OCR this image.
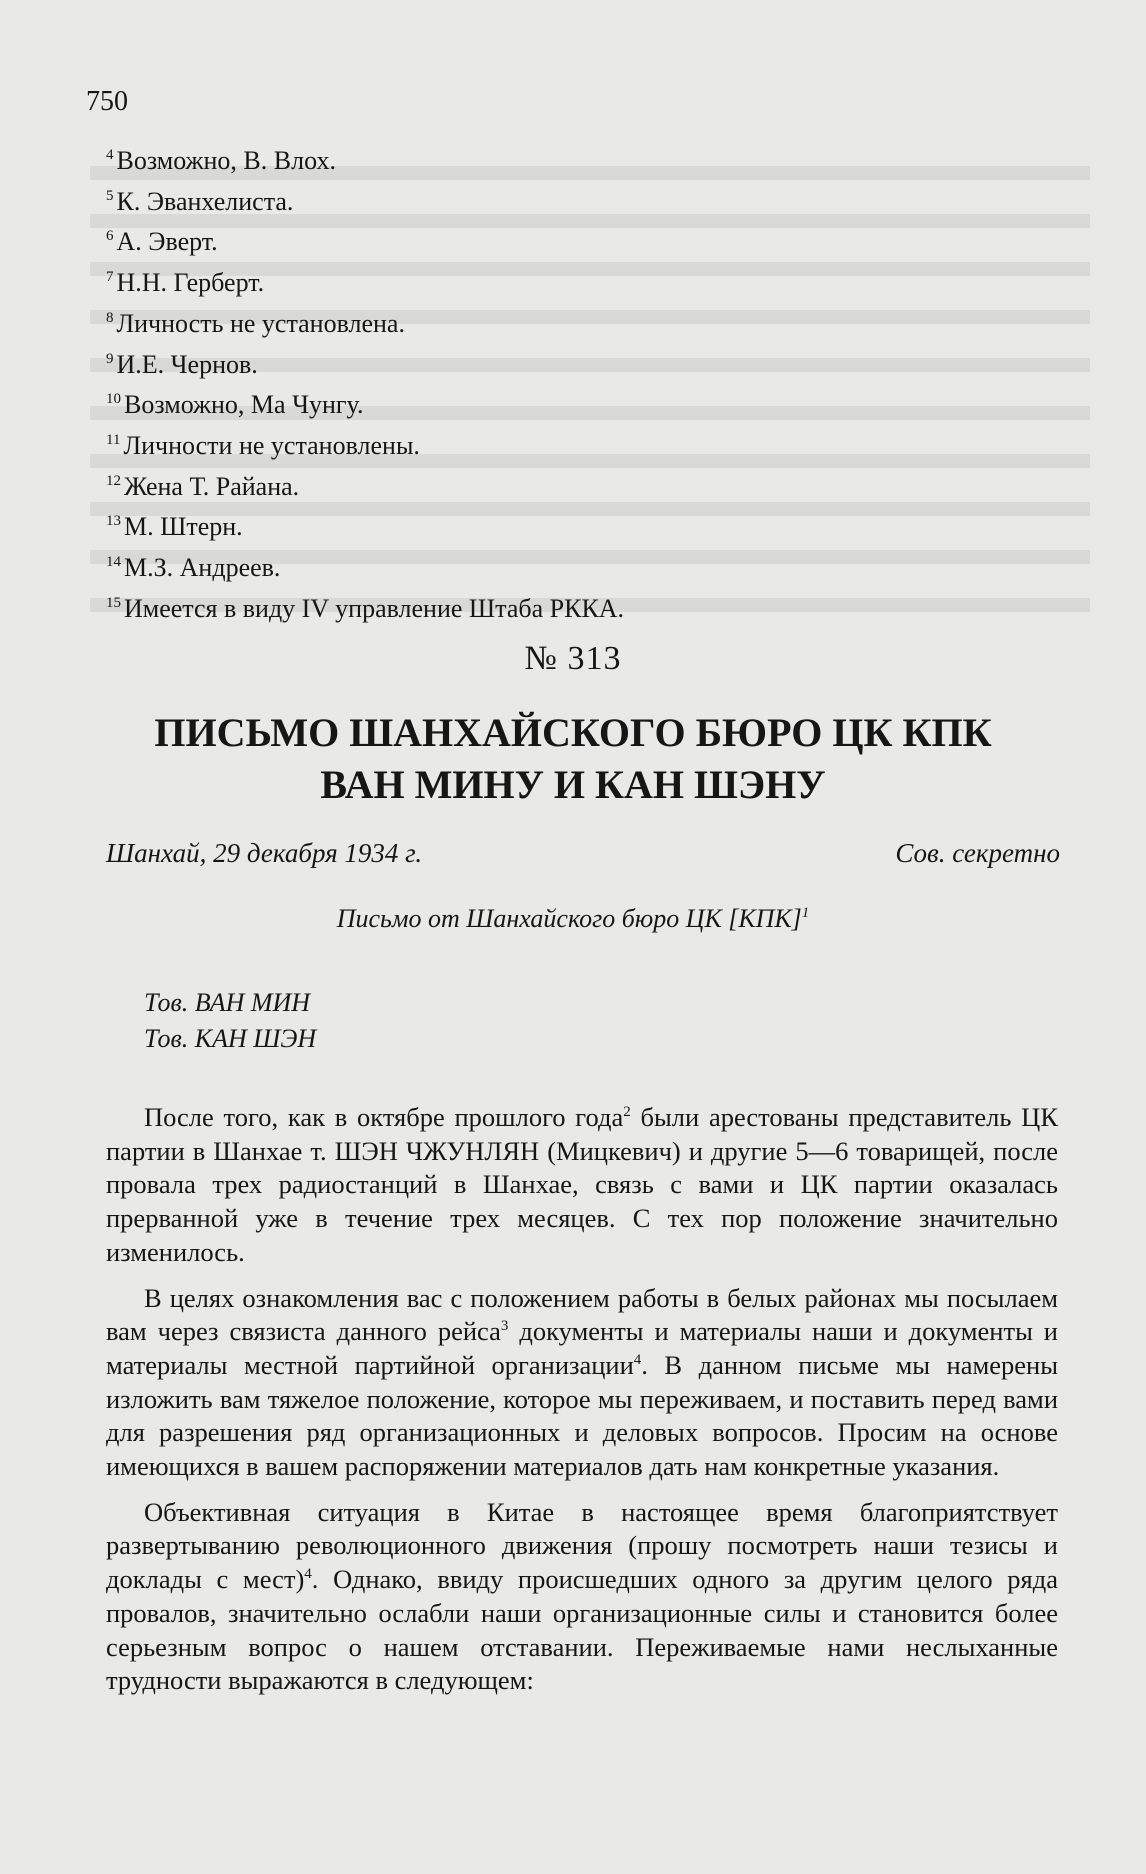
750
$^4$ Возможно, В. Влох.
$^5$ К. Эванхелиста.
$^6$ А. Эверт.
$^7$ Н.Н. Герберт.
$^8$ Личность не установлена.
$^9$ И.Е. Чернов.
$^{10}$ Возможно, Ма Чунгу.
$^{11}$ Личности не установлены.
$^{12}$ Жена Т. Райана.
$^{13}$ М. Штерн.
$^{14}$ М.З. Андреев.
$^{15}$ Имеется в виду IV управление Штаба РККА.
№ 313
ПИСЬМО ШАНХАЙСКОГО БЮРО ЦК КПК
ВАН МИНУ И КАН ШЭНУ
Шанхай, 29 декабря 1934 г.	Сов. секретно
Письмо от Шанхайского бюро ЦК [КПК]$^1$
Тов. ВАН МИН
Тов. КАН ШЭН

После того, как в октябре прошлого года$^2$ были арестованы представитель ЦК партии в Шанхае т. ШЭН ЧЖУНЛЯН (Мицкевич) и другие 5—6 товарищей, после провала трех радиостанций в Шанхае, связь с вами и ЦК партии оказалась прерванной уже в течение трех месяцев. С тех пор положение значительно изменилось.

В целях ознакомления вас с положением работы в белых районах мы посылаем вам через связиста данного рейса$^3$ документы и материалы наши и документы и материалы местной партийной организации$^4$. В данном письме мы намерены изложить вам тяжелое положение, которое мы переживаем, и поставить перед вами для разрешения ряд организационных и деловых вопросов. Просим на основе имеющихся в вашем распоряжении материалов дать нам конкретные указания.

Объективная ситуация в Китае в настоящее время благоприятствует развертыванию революционного движения (прошу посмотреть наши тезисы и доклады с мест)$^4$. Однако, ввиду происшедших одного за другим целого ряда провалов, значительно ослабли наши организационные силы и становится более серьезным вопрос о нашем отставании. Переживаемые нами неслыханные трудности выражаются в следующем:
